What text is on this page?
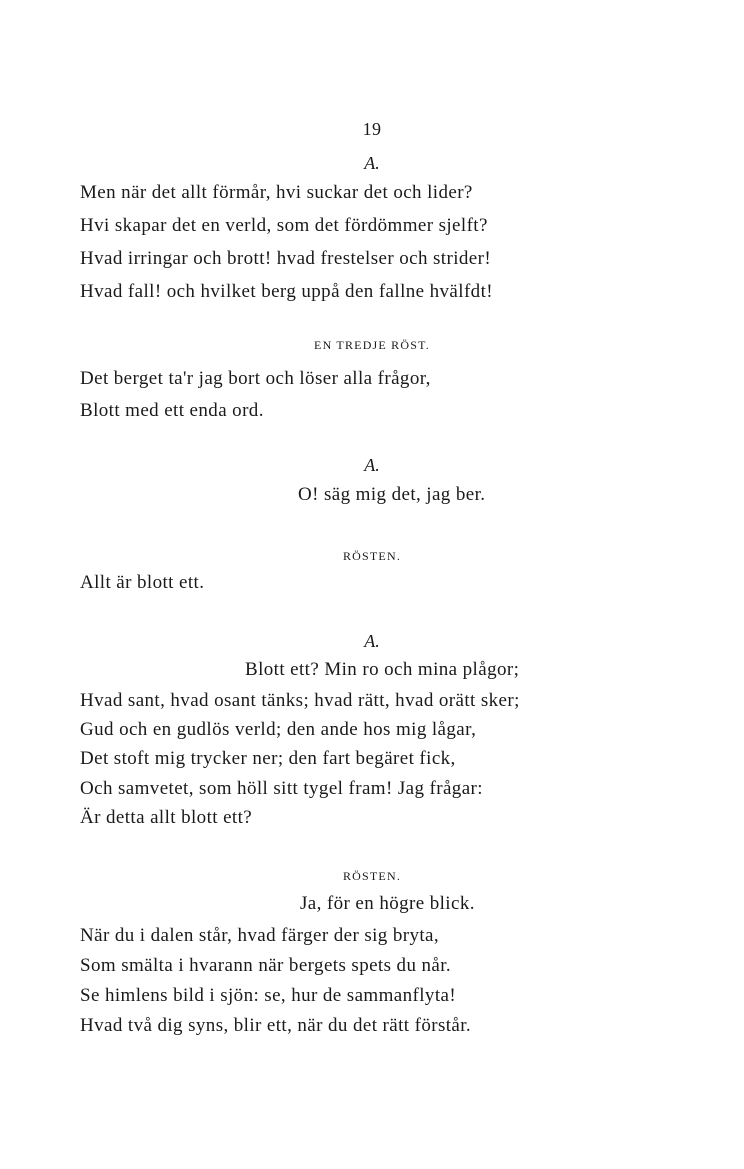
19
A.
Men när det allt förmår, hvi suckar det och lider?
Hvi skapar det en verld, som det fördömmer sjelft?
Hvad irringar och brott! hvad frestelser och strider!
Hvad fall! och hvilket berg uppå den fallne hvälfdt!
EN TREDJE RÖST.
Det berget ta'r jag bort och löser alla frågor,
Blott med ett enda ord.
A.
O! säg mig det, jag ber.
RÖSTEN.
Allt är blott ett.
A.
Blott ett? Min ro och mina plågor;
Hvad sant, hvad osant tänks; hvad rätt, hvad orätt sker;
Gud och en gudlös verld; den ande hos mig lågar,
Det stoft mig trycker ner; den fart begäret fick,
Och samvetet, som höll sitt tygel fram! Jag frågar:
Är detta allt blott ett?
RÖSTEN.
Ja, för en högre blick.
När du i dalen står, hvad färger der sig bryta,
Som smälta i hvarann när bergets spets du når.
Se himlens bild i sjön: se, hur de sammanflyta!
Hvad två dig syns, blir ett, när du det rätt förstår.
